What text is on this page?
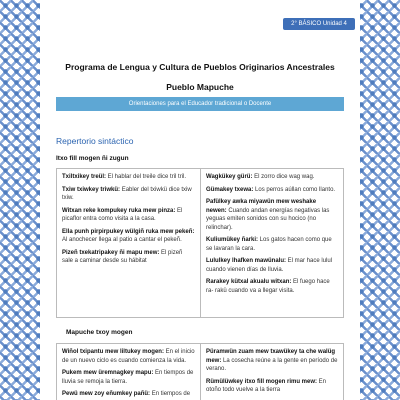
2° BÁSICO Unidad 4
Programa de Lengua y Cultura de Pueblos Originarios Ancestrales
Pueblo Mapuche
Orientaciones para el Educador tradicional o Docente
Repertorio sintáctico
Itxo fill mogen ñi zugun

Txiltxikey treül: El hablar del treile dice tril tril.

Txiw txiwkey triwkü: Eabler del txiwkü dice txiw txiw.

Witxan reke kompukey ruka mew pinza: El picaflor entra como visita a la casa.

Ella punh pirpirpukey wülgiñ ruka mew pekeñ: Al anochecer llega al patio a cantar el pekeñ.

Pizeñ txekatripakey ñi mapu mew: El pizeñ sale a caminar desde su hábitat

Wagkükey gürü: El zorro dice wag wag.

Gümakey txewa: Los perros aúllan como llanto.

Pafülkey awka miyawün mew weshake newen: Cuando andan energías negativas las yeguas emiten sonidos con su hocico (no relinchar).

Kuliumükey ñarki: Los gatos hacen como que se lavaran la cara.

Lululkey lhafken mawünalu: El mar hace lulul cuando vienen días de lluvia.

Rarakey kütxal akualu witxan: El fuego hace ra- rakü cuando va a llegar visita.

Mapuche txoy mogen

Wiñol txipantu mew liltukey mogen: En el inicio de un nuevo ciclo es cuando comienza la vida.

Pukem mew üremnagkey mapu: En tiempos de lluvia se remoja la tierra.

Pewü mew zoy eñumkey pañü: En tiempos de

Püramwün zuam mew txawükey ta che walüg mew: La cosecha reúne a la gente en período de verano.

Rümülüwkey itxo fill mogen rimu mew: En otoño todo vuelve a la tierra
